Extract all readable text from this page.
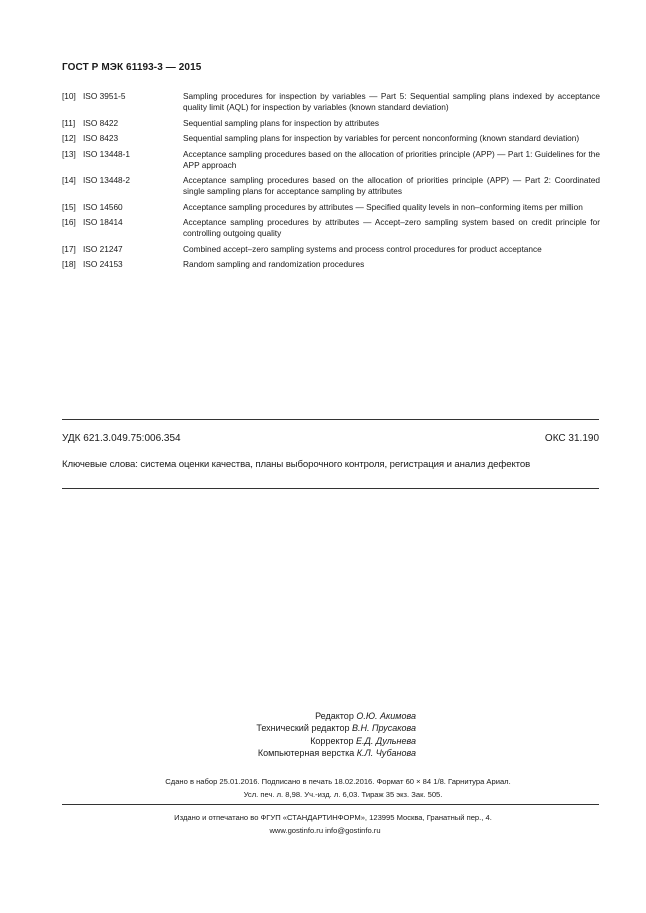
ГОСТ Р МЭК 61193-3 — 2015
[10] ISO 3951-5	Sampling procedures for inspection by variables — Part 5: Sequential sampling plans indexed by acceptance quality limit (AQL) for inspection by variables (known standard deviation)
[11] ISO 8422	Sequential sampling plans for inspection by attributes
[12] ISO 8423	Sequential sampling plans for inspection by variables for percent nonconforming (known standard deviation)
[13] ISO 13448-1	Acceptance sampling procedures based on the allocation of priorities principle (APP) — Part 1: Guidelines for the APP approach
[14] ISO 13448-2	Acceptance sampling procedures based on the allocation of priorities principle (APP) — Part 2: Coordinated single sampling plans for acceptance sampling by attributes
[15] ISO 14560	Acceptance sampling procedures by attributes — Specified quality levels in non–conforming items per million
[16] ISO 18414	Acceptance sampling procedures by attributes — Accept–zero sampling system based on credit principle for controlling outgoing quality
[17] ISO 21247	Combined accept–zero sampling systems and process control procedures for product acceptance
[18] ISO 24153	Random sampling and randomization procedures
УДК 621.3.049.75:006.354	ОКС 31.190
Ключевые слова: система оценки качества, планы выборочного контроля, регистрация и анализ дефектов
Редактор О.Ю. Акимова
Технический редактор В.Н. Прусакова
Корректор Е.Д. Дульнева
Компьютерная верстка К.Л. Чубанова
Сдано в набор 25.01.2016. Подписано в печать 18.02.2016. Формат 60 × 84 1/8. Гарнитура Ариал.
Усл. печ. л. 8,98. Уч.-изд. л. 6,03. Тираж 35 экз. Зак. 505.
Издано и отпечатано во ФГУП «СТАНДАРТИНФОРМ», 123995 Москва, Гранатный пер., 4.
www.gostinfo.ru info@gostinfo.ru
